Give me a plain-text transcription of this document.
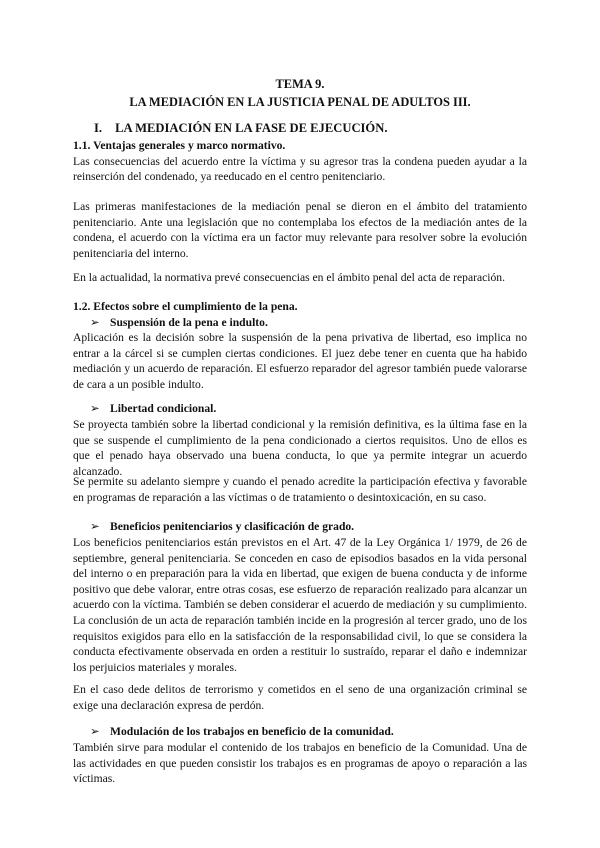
TEMA 9.
LA MEDIACIÓN EN LA JUSTICIA PENAL DE ADULTOS III.
I. LA MEDIACIÓN EN LA FASE DE EJECUCIÓN.
1.1. Ventajas generales y marco normativo.

Las consecuencias del acuerdo entre la víctima y su agresor tras la condena pueden ayudar a la reinserción del condenado, ya reeducado en el centro penitenciario.

Las primeras manifestaciones de la mediación penal se dieron en el ámbito del tratamiento penitenciario. Ante una legislación que no contemplaba los efectos de la mediación antes de la condena, el acuerdo con la víctima era un factor muy relevante para resolver sobre la evolución penitenciaria del interno.

En la actualidad, la normativa prevé consecuencias en el ámbito penal del acta de reparación.

1.2. Efectos sobre el cumplimiento de la pena.
➢ Suspensión de la pena e indulto.

Aplicación es la decisión sobre la suspensión de la pena privativa de libertad, eso implica no entrar a la cárcel si se cumplen ciertas condiciones. El juez debe tener en cuenta que ha habido mediación y un acuerdo de reparación. El esfuerzo reparador del agresor también puede valorarse de cara a un posible indulto.

➢ Libertad condicional.

Se proyecta también sobre la libertad condicional y la remisión definitiva, es la última fase en la que se suspende el cumplimiento de la pena condicionado a ciertos requisitos. Uno de ellos es que el penado haya observado una buena conducta, lo que ya permite integrar un acuerdo alcanzado.

Se permite su adelanto siempre y cuando el penado acredite la participación efectiva y favorable en programas de reparación a las víctimas o de tratamiento o desintoxicación, en su caso.

➢ Beneficios penitenciarios y clasificación de grado.

Los beneficios penitenciarios están previstos en el Art. 47 de la Ley Orgánica 1/ 1979, de 26 de septiembre, general penitenciaria. Se conceden en caso de episodios basados en la vida personal del interno o en preparación para la vida en libertad, que exigen de buena conducta y de informe positivo que debe valorar, entre otras cosas, ese esfuerzo de reparación realizado para alcanzar un acuerdo con la víctima. También se deben considerar el acuerdo de mediación y su cumplimiento. La conclusión de un acta de reparación también incide en la progresión al tercer grado, uno de los requisitos exigidos para ello en la satisfacción de la responsabilidad civil, lo que se considera la conducta efectivamente observada en orden a restituir lo sustraído, reparar el daño e indemnizar los perjuicios materiales y morales.

En el caso dede delitos de terrorismo y cometidos en el seno de una organización criminal se exige una declaración expresa de perdón.

➢ Modulación de los trabajos en beneficio de la comunidad.

También sirve para modular el contenido de los trabajos en beneficio de la Comunidad. Una de las actividades en que pueden consistir los trabajos es en programas de apoyo o reparación a las víctimas.
